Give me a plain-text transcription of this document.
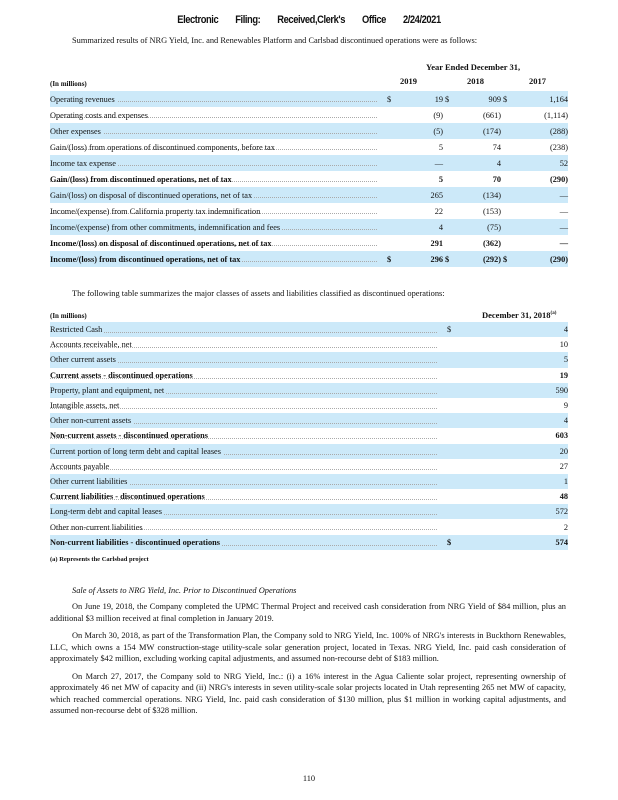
Electronic Filing: Received,Clerk's Office 2/24/2021
Summarized results of NRG Yield, Inc. and Renewables Platform and Carlsbad discontinued operations were as follows:
Year Ended December 31,
(In millions)	2019	2018	2017
Operating revenues	$	19	$	909	$	1,164
Operating costs and expenses		(9)		(661)		(1,114)
Other expenses		(5)		(174)		(288)
Gain/(loss) from operations of discontinued components, before tax		5		74		(238)
Income tax expense		—		4		52
Gain/(loss) from discontinued operations, net of tax		5		70		(290)
Gain/(loss) on disposal of discontinued operations, net of tax		265		(134)		—
Income/(expense) from California property tax indemnification		22		(153)		—
Income/(expense) from other commitments, indemnification and fees		4		(75)		—
Income/(loss) on disposal of discontinued operations, net of tax		291		(362)		—
Income/(loss) from discontinued operations, net of tax	$	296	$	(292)	$	(290)
The following table summarizes the major classes of assets and liabilities classified as discontinued operations:
(In millions)	December 31, 2018$^{(a)}$
Restricted Cash	$	4
Accounts receivable, net		10
Other current assets		5
Current assets - discontinued operations		19
Property, plant and equipment, net		590
Intangible assets, net		9
Other non-current assets		4
Non-current assets - discontinued operations		603
Current portion of long term debt and capital leases		20
Accounts payable		27
Other current liabilities		1
Current liabilities - discontinued operations		48
Long-term debt and capital leases		572
Other non-current liabilities		2
Non-current liabilities - discontinued operations	$	574
(a) Represents the Carlsbad project
Sale of Assets to NRG Yield, Inc. Prior to Discontinued Operations

On June 19, 2018, the Company completed the UPMC Thermal Project and received cash consideration from NRG Yield of $84 million, plus an additional $3 million received at final completion in January 2019.

On March 30, 2018, as part of the Transformation Plan, the Company sold to NRG Yield, Inc. 100% of NRG's interests in Buckthorn Renewables, LLC, which owns a 154 MW construction-stage utility-scale solar generation project, located in Texas. NRG Yield, Inc. paid cash consideration of approximately $42 million, excluding working capital adjustments, and assumed non-recourse debt of $183 million.

On March 27, 2017, the Company sold to NRG Yield, Inc.: (i) a 16% interest in the Agua Caliente solar project, representing ownership of approximately 46 net MW of capacity and (ii) NRG's interests in seven utility-scale solar projects located in Utah representing 265 net MW of capacity, which reached commercial operations. NRG Yield, Inc. paid cash consideration of $130 million, plus $1 million in working capital adjustments, and assumed non-recourse debt of $328 million.

110
